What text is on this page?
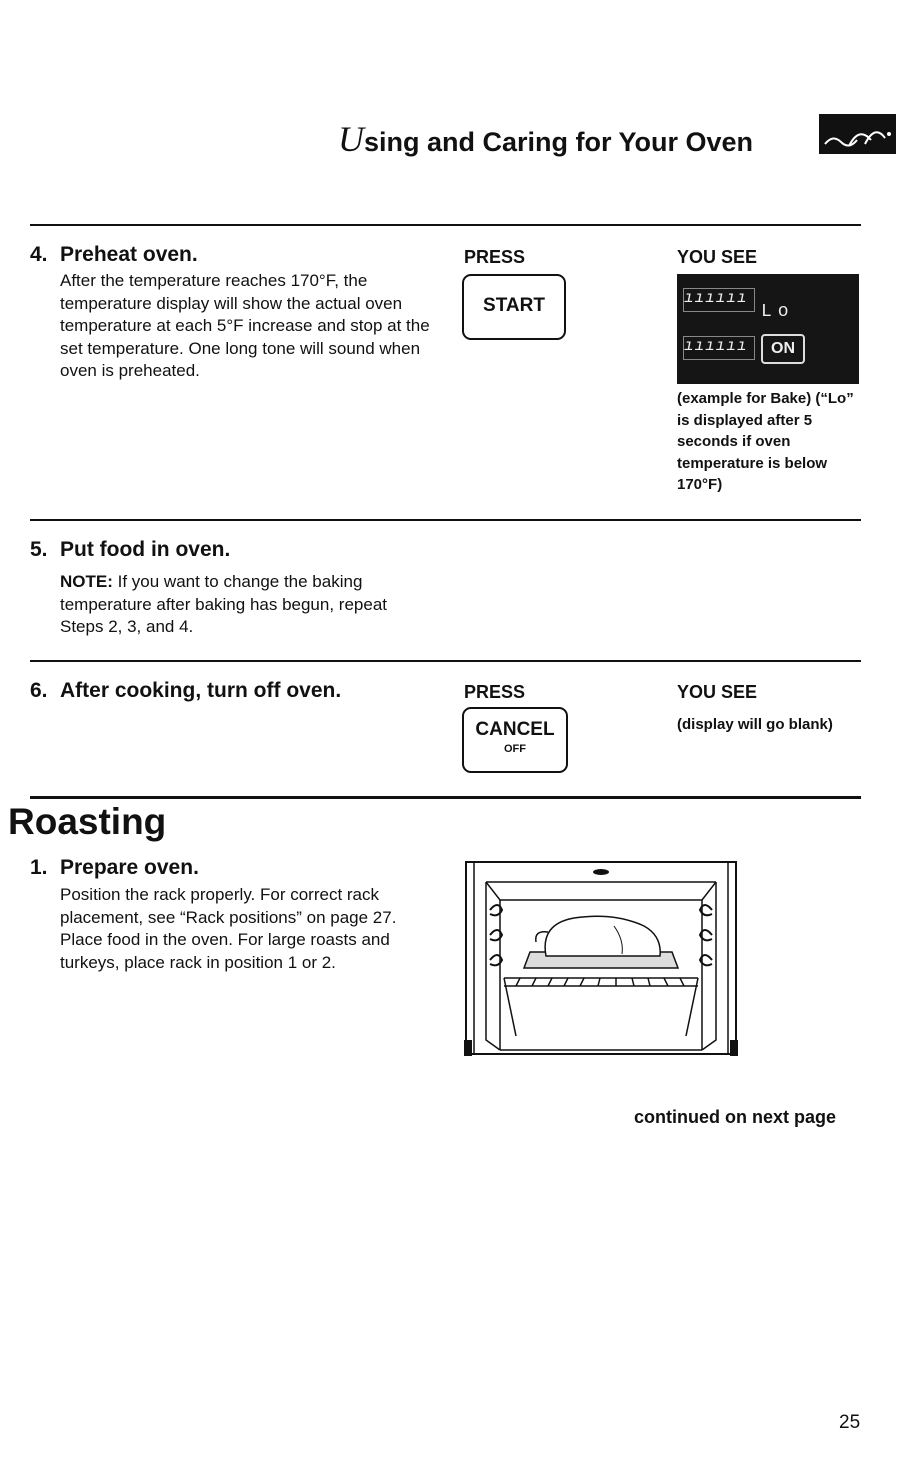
Using and Caring for Your Oven
4. Preheat oven.
After the temperature reaches 170°F, the temperature display will show the actual oven temperature at each 5°F increase and stop at the set temperature. One long tone will sound when oven is preheated.
PRESS
START
YOU SEE
ıııııı
Lo
ıııııı	ON
(example for Bake) (“Lo” is displayed after 5 seconds if oven temperature is below 170°F)
5. Put food in oven.
NOTE: If you want to change the baking temperature after baking has begun, repeat Steps 2, 3, and 4.
6. After cooking, turn off oven.	PRESS
CANCEL
OFF
YOU SEE
(display will go blank)
Roasting
1. Prepare oven.
Position the rack properly. For correct rack placement, see “Rack positions” on page 27. Place food in the oven. For large roasts and turkeys, place rack in position 1 or 2.
continued on next page
25
